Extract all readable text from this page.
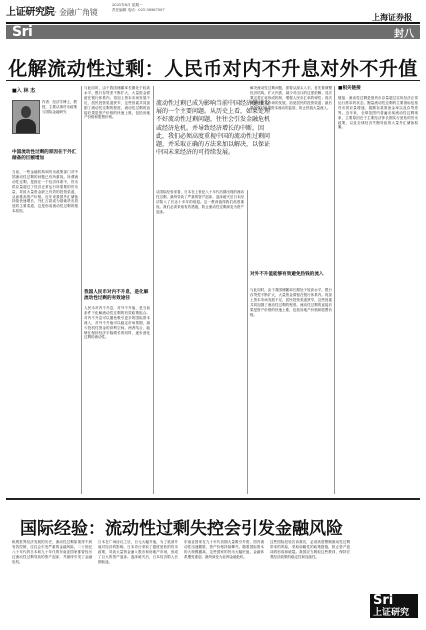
上证研究院· 金融广角镜
2021年8月 星期一
责任编辑 电话：021-38967507
上海证券报
Sri	封八
化解流动性过剩：人民币对内不升息对外不升值
■入 林 杰
作者：经济学博士，教授，主要从事货币政策与国际金融研究
中国流动性过剩的原因在于外汇储备的巨额增加
当前，一些金融机构和货币政策部门对中国流动性过剩的问题已有所重视。所谓流动性过剩，是指在一个经济体系中，货币供应量超过了经济正常运行所需要的货币量，导致大量资金缺乏有效的投资渠道，从而推高资产价格。近年来我国外汇储备持续快速增长，外汇占款成为基础货币投放的主要渠道，这是形成流动性过剩的根本原因。
与此同时，由于我国储蓄率长期处于较高水平，银行存贷差不断扩大，大量资金滞留在银行体系内。再加上资本市场发展不足，居民投资渠道狭窄，这些因素共同加剧了流动性过剩的程度。流动性过剩的直接后果是资产价格的快速上涨，包括房地产价格和股票价格。
我国人民币对内不升息，是化解流动性过剩的有效途径
人民币对内不升息，对外不升值，是当前条件下化解流动性过剩的有效政策组合。对内不升息可以避免吸引更多的国际资本流入，对外不升值可以稳定市场预期，减少投机性资金的套利空间。两者结合，能够在保持经济平稳增长的同时，逐步消化过剩的流动性。
流动性过剩已成为影响当前中国经济健康发展的一个主要问题。从历史上看，如果处理不好流动性过剩问题，往往会引发金融危机或经济危机。并导致经济增长的中断。因此，我们必须高度重视中国的流动性过剩问题，并采取正确的方法来加以解决，以保证中国未来经济的可持续发展。
从国际经验来看，日本在上世纪八十年代后期出现的流动性过剩，最终导致了严重的资产泡沫，泡沫破灭后日本经济陷入了长达十多年的衰退。这一教训值得我们高度重视。我们必须采取有效措施，防止流动性过剩演变为资产泡沫。
解决流动性过剩问题，需要从源头入手。首先要调整经济结构，扩大内需，减少对出口的过度依赖；其次要完善汇率形成机制，增强人民币汇率的弹性；再次要加快资本市场的发展，拓宽居民的投资渠道；最后要加强对跨境资本流动的监管，防止热钱大量流入。
对外不升值能够有效避免热钱的流入
与此同时，由于我国储蓄率长期处于较高水平，银行存贷差不断扩大，大量资金滞留在银行体系内。再加上资本市场发展不足，居民投资渠道狭窄，这些因素共同加剧了流动性过剩的程度。流动性过剩的直接后果是资产价格的快速上涨，包括房地产价格和股票价格。
■相关链接
链接：流动性过剩是指货币存量超过实体经济正常运行需求的状态。衡量流动性过剩的主要指标包括货币供应量增速、超额存款准备金率以及存贷差等。近年来，全球范围内普遍出现流动性过剩现象，主要原因在于主要经济体长期实行宽松的货币政策，以及全球经济失衡导致的大量外汇储备积累。
国际经验：流动性过剩失控会引发金融风险
纵观世界经济发展的历史，流动性过剩如果得不到有效控制，往往会引发严重的金融风险。二十世纪八十年代的日本和九十年代的东南亚国家都曾经历过流动性过剩导致的资产泡沫，并最终引发了金融危机。
日本在广场协议之后，日元大幅升值，为了抵消升值对经济的影响，日本央行采取了极度宽松的货币政策，导致大量资金涌入股市和房地产市场，形成了巨大的资产泡沫。泡沫破灭后，日本经济陷入长期低迷。
东南亚国家在九十年代初期大量吸引外资，国内流动性迅速膨胀，资产价格持续攀升。随着国际资本的大规模撤离，这些国家的货币大幅贬值，金融体系遭受重创，最终演变为亚洲金融危机。
这些国际经验告诉我们，必须高度警惕流动性过剩带来的风险，采取前瞻性的政策措施，防止资产泡沫的形成和破裂。我国应当吸取这些教训，保持宏观经济政策的稳定性和连续性。
Sri
上证研究院
